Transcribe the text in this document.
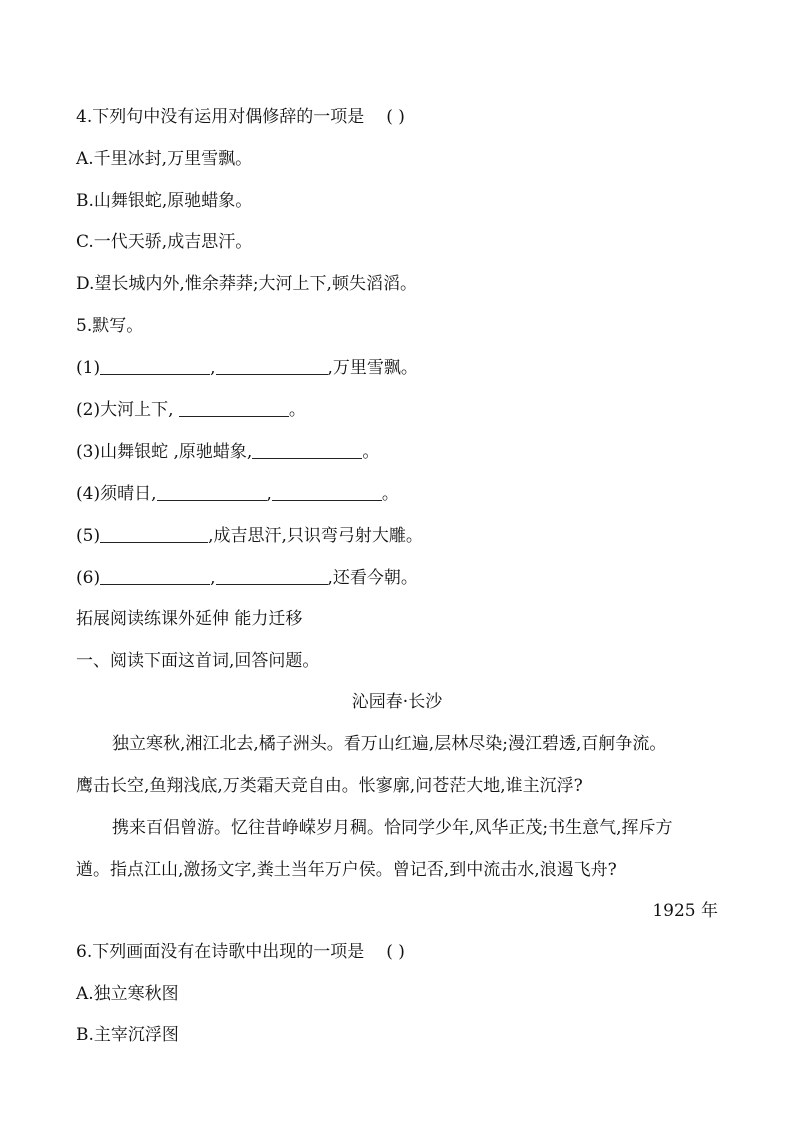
4.下列句中没有运用对偶修辞的一项是 ( )
A.千里冰封,万里雪飘。
B.山舞银蛇,原驰蜡象。
C.一代天骄,成吉思汗。
D.望长城内外,惟余莽莽;大河上下,顿失滔滔。
5.默写。
(1)	,	,万里雪飘。
(2)大河上下,	。
(3)山舞银蛇 ,原驰蜡象,	。
(4)须晴日,	,	。
(5)	,成吉思汗,只识弯弓射大雕。
(6)	,	,还看今朝。
拓展阅读练课外延伸 能力迁移
一、阅读下面这首词,回答问题。
沁园春·长沙
独立寒秋,湘江北去,橘子洲头。看万山红遍,层林尽染;漫江碧透,百舸争流。
鹰击长空,鱼翔浅底,万类霜天竞自由。怅寥廓,问苍茫大地,谁主沉浮?
携来百侣曾游。忆往昔峥嵘岁月稠。恰同学少年,风华正茂;书生意气,挥斥方
遒。指点江山,激扬文字,粪土当年万户侯。曾记否,到中流击水,浪遏飞舟?
1925 年
6.下列画面没有在诗歌中出现的一项是 ( )
A.独立寒秋图
B.主宰沉浮图
